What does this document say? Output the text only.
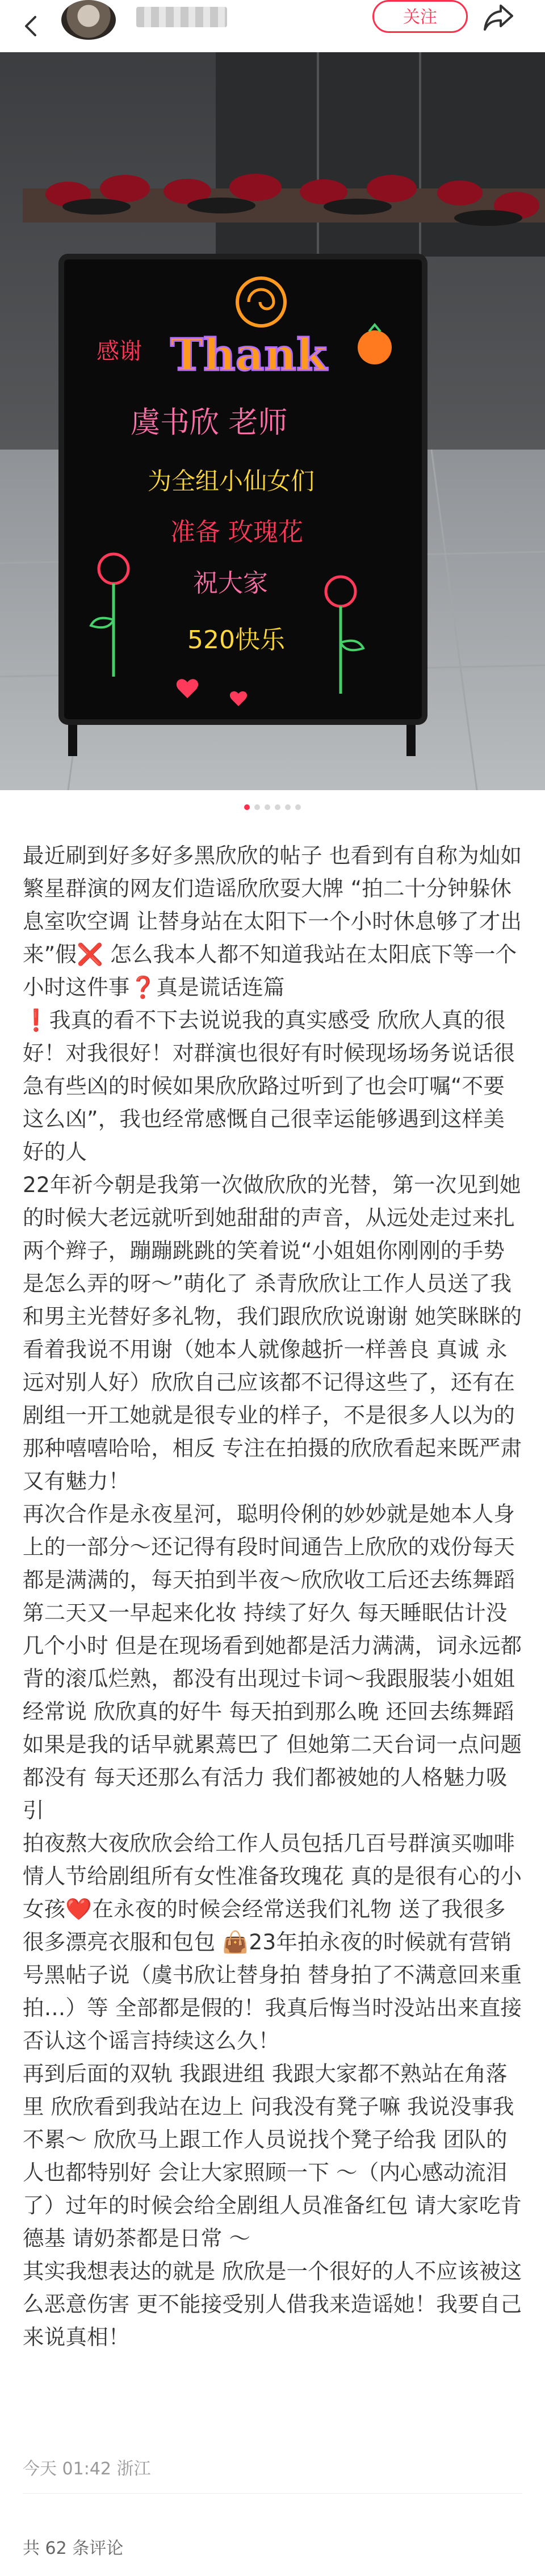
关注
感谢 Thank
虞书欣 老师
为全组小仙女们
准备 玫瑰花
祝大家
520快乐

最近刷到好多好多黑欣欣的帖子 也看到有自称为灿如繁星群演的网友们造谣欣欣耍大牌 “拍二十分钟躲休息室吹空调 让替身站在太阳下一个小时休息够了才出来”假❌ 怎么我本人都不知道我站在太阳底下等一个小时这件事❓真是谎话连篇
❗我真的看不下去说说我的真实感受 欣欣人真的很好！对我很好！对群演也很好有时候现场场务说话很急有些凶的时候如果欣欣路过听到了也会叮嘱“不要这么凶”，我也经常感慨自己很幸运能够遇到这样美好的人

22年祈今朝是我第一次做欣欣的光替，第一次见到她的时候大老远就听到她甜甜的声音，从远处走过来扎两个辫子，蹦蹦跳跳的笑着说“小姐姐你刚刚的手势是怎么弄的呀～”萌化了 杀青欣欣让工作人员送了我和男主光替好多礼物，我们跟欣欣说谢谢 她笑眯眯的看着我说不用谢（她本人就像越折一样善良 真诚 永远对别人好）欣欣自己应该都不记得这些了，还有在剧组一开工她就是很专业的样子，不是很多人以为的那种嘻嘻哈哈，相反 专注在拍摄的欣欣看起来既严肃又有魅力！

再次合作是永夜星河，聪明伶俐的妙妙就是她本人身上的一部分～还记得有段时间通告上欣欣的戏份每天都是满满的，每天拍到半夜～欣欣收工后还去练舞蹈 第二天又一早起来化妆 持续了好久 每天睡眠估计没几个小时 但是在现场看到她都是活力满满，词永远都背的滚瓜烂熟，都没有出现过卡词～我跟服装小姐姐经常说 欣欣真的好牛 每天拍到那么晚 还回去练舞蹈 如果是我的话早就累蔫巴了 但她第二天台词一点问题都没有 每天还那么有活力 我们都被她的人格魅力吸引

拍夜熬大夜欣欣会给工作人员包括几百号群演买咖啡 情人节给剧组所有女性准备玫瑰花 真的是很有心的小女孩❤️在永夜的时候会经常送我们礼物 送了我很多很多漂亮衣服和包包 👜23年拍永夜的时候就有营销号黑帖子说（虞书欣让替身拍 替身拍了不满意回来重拍…）等 全部都是假的！我真后悔当时没站出来直接否认这个谣言持续这么久！

再到后面的双轨 我跟进组 我跟大家都不熟站在角落里 欣欣看到我站在边上 问我没有凳子嘛 我说没事我不累～ 欣欣马上跟工作人员说找个凳子给我 团队的人也都特别好 会让大家照顾一下 ～（内心感动流泪了）过年的时候会给全剧组人员准备红包 请大家吃肯德基 请奶茶都是日常 ～

其实我想表达的就是 欣欣是一个很好的人不应该被这么恶意伤害 更不能接受别人借我来造谣她！我要自己来说真相！

今天 01:42 浙江
共 62 条评论
